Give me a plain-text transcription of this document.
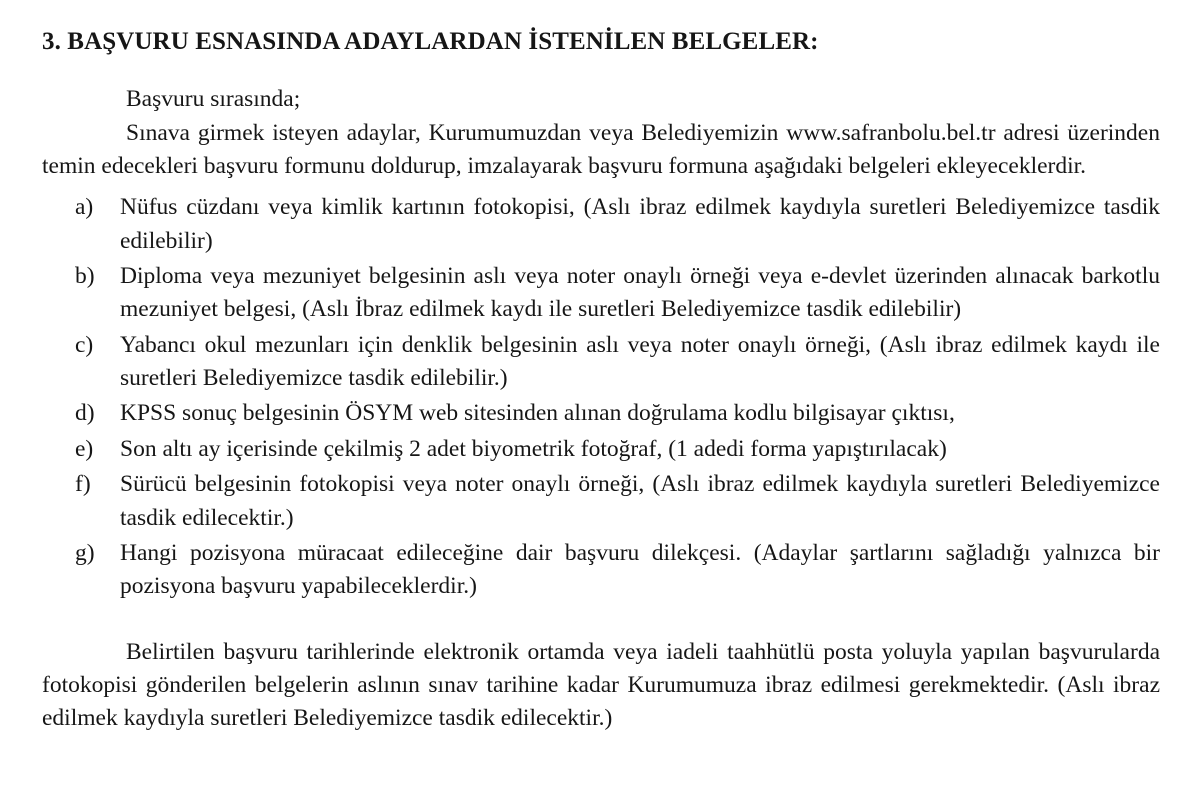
3. BAŞVURU ESNASINDA ADAYLARDAN İSTENİLEN BELGELER:

Başvuru sırasında;

Sınava girmek isteyen adaylar, Kurumumuzdan veya Belediyemizin www.safranbolu.bel.tr adresi üzerinden temin edecekleri başvuru formunu doldurup, imzalayarak başvuru formuna aşağıdaki belgeleri ekleyeceklerdir.

a)	Nüfus cüzdanı veya kimlik kartının fotokopisi, (Aslı ibraz edilmek kaydıyla suretleri Belediyemizce tasdik edilebilir)
b)	Diploma veya mezuniyet belgesinin aslı veya noter onaylı örneği veya e-devlet üzerinden alınacak barkotlu mezuniyet belgesi, (Aslı İbraz edilmek kaydı ile suretleri Belediyemizce tasdik edilebilir)
c)	Yabancı okul mezunları için denklik belgesinin aslı veya noter onaylı örneği, (Aslı ibraz edilmek kaydı ile suretleri Belediyemizce tasdik edilebilir.)
d)	KPSS sonuç belgesinin ÖSYM web sitesinden alınan doğrulama kodlu bilgisayar çıktısı,
e)	Son altı ay içerisinde çekilmiş 2 adet biyometrik fotoğraf, (1 adedi forma yapıştırılacak)
f)	Sürücü belgesinin fotokopisi veya noter onaylı örneği, (Aslı ibraz edilmek kaydıyla suretleri Belediyemizce tasdik edilecektir.)
g)	Hangi pozisyona müracaat edileceğine dair başvuru dilekçesi. (Adaylar şartlarını sağladığı yalnızca bir pozisyona başvuru yapabileceklerdir.)

Belirtilen başvuru tarihlerinde elektronik ortamda veya iadeli taahhütlü posta yoluyla yapılan başvurularda fotokopisi gönderilen belgelerin aslının sınav tarihine kadar Kurumumuza ibraz edilmesi gerekmektedir. (Aslı ibraz edilmek kaydıyla suretleri Belediyemizce tasdik edilecektir.)
